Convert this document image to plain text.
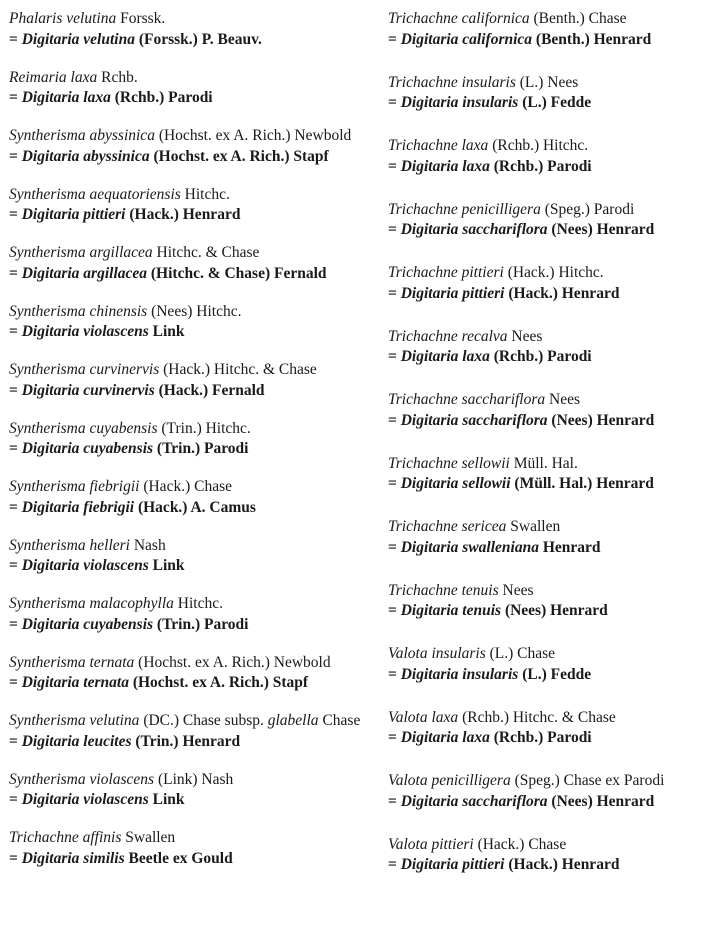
Phalaris velutina Forssk.
= Digitaria velutina (Forssk.) P. Beauv.
Reimaria laxa Rchb.
= Digitaria laxa (Rchb.) Parodi
Syntherisma abyssinica (Hochst. ex A. Rich.) Newbold
= Digitaria abyssinica (Hochst. ex A. Rich.) Stapf
Syntherisma aequatoriensis Hitchc.
= Digitaria pittieri (Hack.) Henrard
Syntherisma argillacea Hitchc. & Chase
= Digitaria argillacea (Hitchc. & Chase) Fernald
Syntherisma chinensis (Nees) Hitchc.
= Digitaria violascens Link
Syntherisma curvinervis (Hack.) Hitchc. & Chase
= Digitaria curvinervis (Hack.) Fernald
Syntherisma cuyabensis (Trin.) Hitchc.
= Digitaria cuyabensis (Trin.) Parodi
Syntherisma fiebrigii (Hack.) Chase
= Digitaria fiebrigii (Hack.) A. Camus
Syntherisma helleri Nash
= Digitaria violascens Link
Syntherisma malacophylla Hitchc.
= Digitaria cuyabensis (Trin.) Parodi
Syntherisma ternata (Hochst. ex A. Rich.) Newbold
= Digitaria ternata (Hochst. ex A. Rich.) Stapf
Syntherisma velutina (DC.) Chase subsp. glabella Chase
= Digitaria leucites (Trin.) Henrard
Syntherisma violascens (Link) Nash
= Digitaria violascens Link
Trichachne affinis Swallen
= Digitaria similis Beetle ex Gould
Trichachne californica (Benth.) Chase
= Digitaria californica (Benth.) Henrard
Trichachne insularis (L.) Nees
= Digitaria insularis (L.) Fedde
Trichachne laxa (Rchb.) Hitchc.
= Digitaria laxa (Rchb.) Parodi
Trichachne penicilligera (Speg.) Parodi
= Digitaria sacchariflora (Nees) Henrard
Trichachne pittieri (Hack.) Hitchc.
= Digitaria pittieri (Hack.) Henrard
Trichachne recalva Nees
= Digitaria laxa (Rchb.) Parodi
Trichachne sacchariflora Nees
= Digitaria sacchariflora (Nees) Henrard
Trichachne sellowii Müll. Hal.
= Digitaria sellowii (Müll. Hal.) Henrard
Trichachne sericea Swallen
= Digitaria swalleniana Henrard
Trichachne tenuis Nees
= Digitaria tenuis (Nees) Henrard
Valota insularis (L.) Chase
= Digitaria insularis (L.) Fedde
Valota laxa (Rchb.) Hitchc. & Chase
= Digitaria laxa (Rchb.) Parodi
Valota penicilligera (Speg.) Chase ex Parodi
= Digitaria sacchariflora (Nees) Henrard
Valota pittieri (Hack.) Chase
= Digitaria pittieri (Hack.) Henrard
